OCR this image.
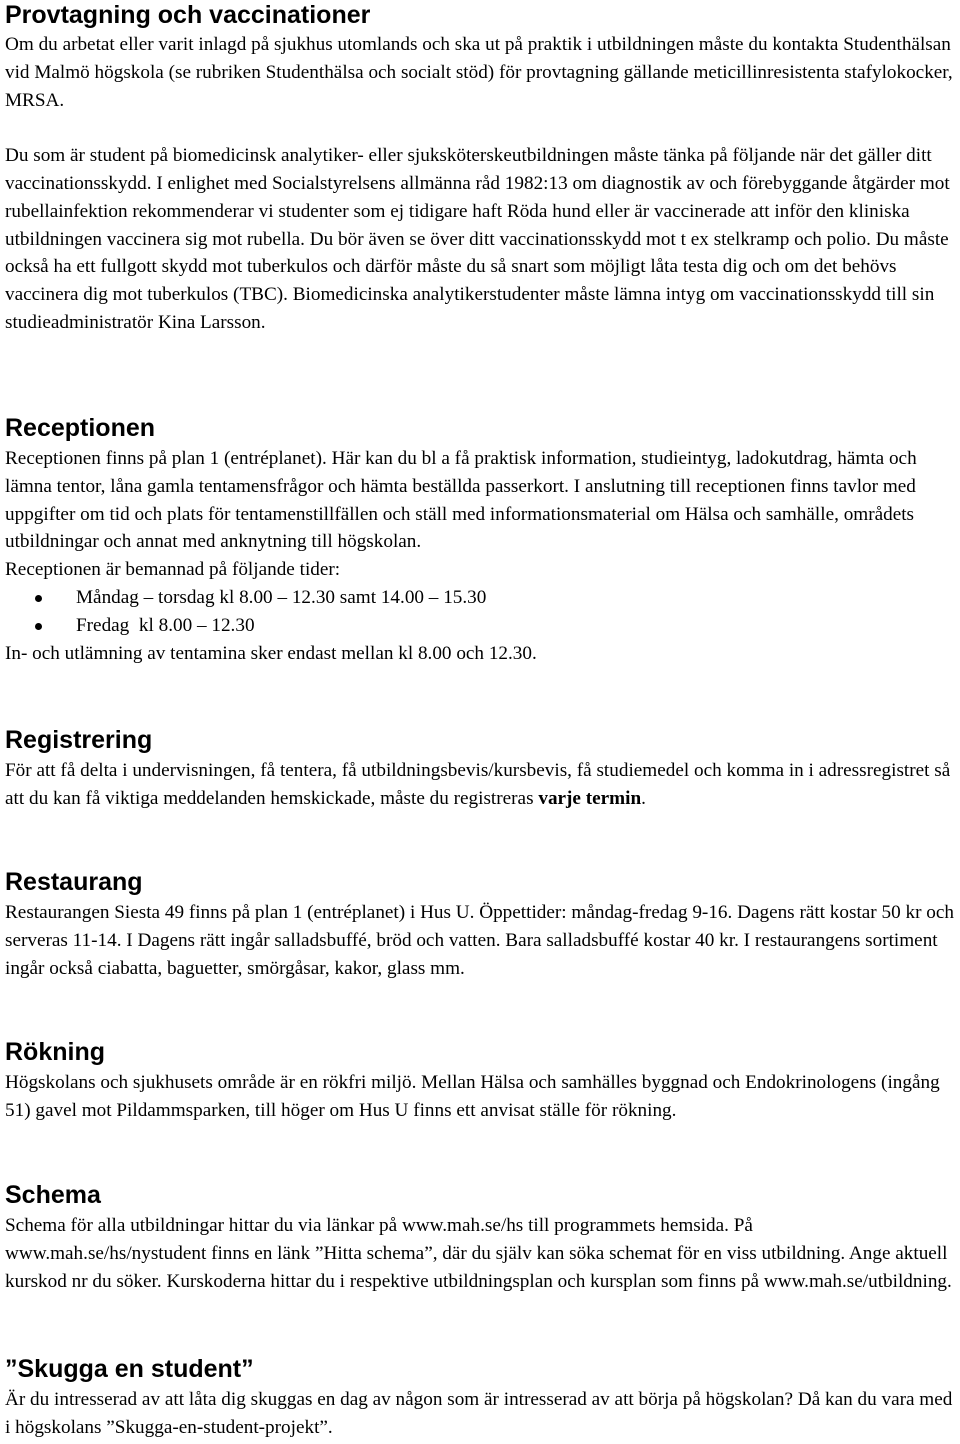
Provtagning och vaccinationer

Om du arbetat eller varit inlagd på sjukhus utomlands och ska ut på praktik i utbildningen måste du kontakta Studenthälsan vid Malmö högskola (se rubriken Studenthälsa och socialt stöd) för provtagning gällande meticillinresistenta stafylokocker, MRSA.

Du som är student på biomedicinsk analytiker- eller sjuksköterskeutbildningen måste tänka på följande när det gäller ditt vaccinationsskydd. I enlighet med Socialstyrelsens allmänna råd 1982:13 om diagnostik av och förebyggande åtgärder mot rubellainfektion rekommenderar vi studenter som ej tidigare haft Röda hund eller är vaccinerade att inför den kliniska utbildningen vaccinera sig mot rubella. Du bör även se över ditt vaccinationsskydd mot t ex stelkramp och polio. Du måste också ha ett fullgott skydd mot tuberkulos och därför måste du så snart som möjligt låta testa dig och om det behövs vaccinera dig mot tuberkulos (TBC). Biomedicinska analytikerstudenter måste lämna intyg om vaccinationsskydd till sin studieadministratör Kina Larsson.

Receptionen

Receptionen finns på plan 1 (entréplanet). Här kan du bl a få praktisk information, studieintyg, ladokutdrag, hämta och lämna tentor, låna gamla tentamensfrågor och hämta beställda passerkort. I anslutning till receptionen finns tavlor med uppgifter om tid och plats för tentamenstillfällen och ställ med informationsmaterial om Hälsa och samhälle, områdets utbildningar och annat med anknytning till högskolan.

Receptionen är bemannad på följande tider:

Måndag – torsdag kl 8.00 – 12.30 samt 14.00 – 15.30
Fredag  kl 8.00 – 12.30

In- och utlämning av tentamina sker endast mellan kl 8.00 och 12.30.

Registrering

För att få delta i undervisningen, få tentera, få utbildningsbevis/kursbevis, få studiemedel och komma in i adressregistret så att du kan få viktiga meddelanden hemskickade, måste du registreras varje termin.

Restaurang

Restaurangen Siesta 49 finns på plan 1 (entréplanet) i Hus U. Öppettider: måndag-fredag 9-16. Dagens rätt kostar 50 kr och serveras 11-14. I Dagens rätt ingår salladsbuffé, bröd och vatten. Bara salladsbuffé kostar 40 kr. I restaurangens sortiment ingår också ciabatta, baguetter, smörgåsar, kakor, glass mm.

Rökning

Högskolans och sjukhusets område är en rökfri miljö. Mellan Hälsa och samhälles byggnad och Endokrinologens (ingång 51) gavel mot Pildammsparken, till höger om Hus U finns ett anvisat ställe för rökning.

Schema

Schema för alla utbildningar hittar du via länkar på www.mah.se/hs till programmets hemsida. På www.mah.se/hs/nystudent finns en länk ”Hitta schema”, där du själv kan söka schemat för en viss utbildning. Ange aktuell kurskod nr du söker. Kurskoderna hittar du i respektive utbildningsplan och kursplan som finns på www.mah.se/utbildning.

”Skugga en student”

Är du intresserad av att låta dig skuggas en dag av någon som är intresserad av att börja på högskolan? Då kan du vara med i högskolans ”Skugga-en-student-projekt”.
